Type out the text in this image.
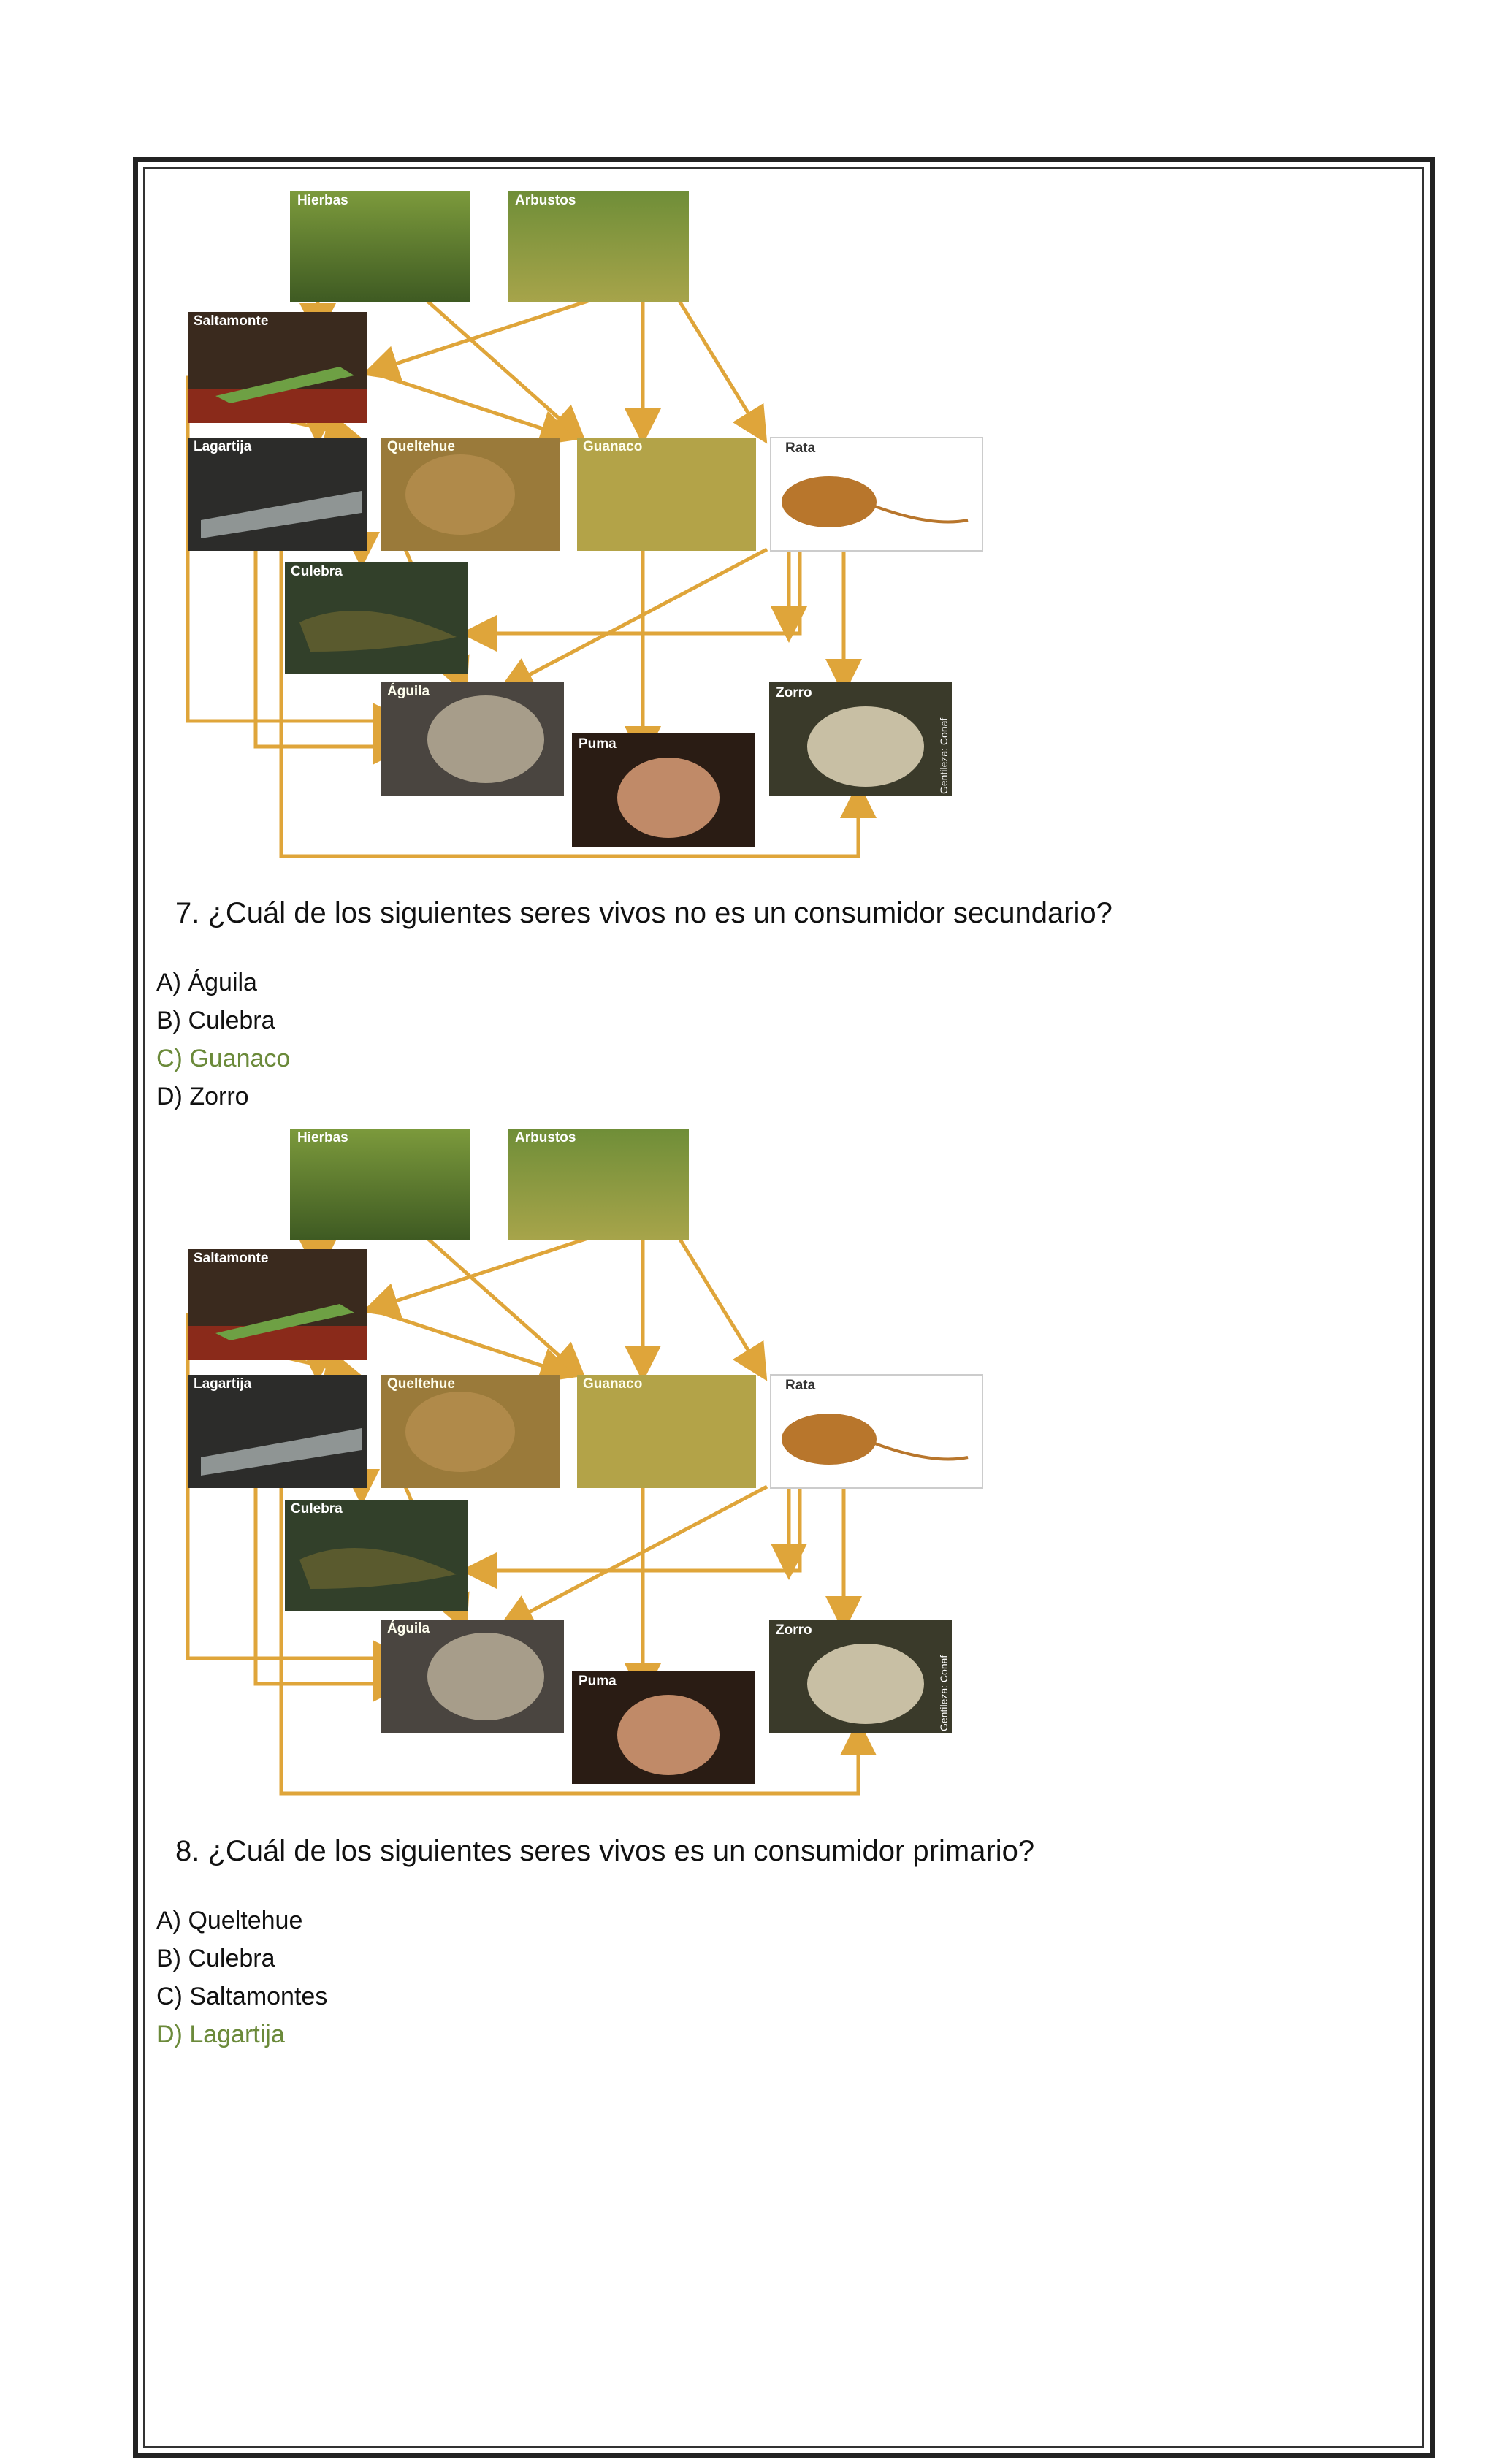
Hierbas	Arbustos
Saltamonte
Lagartija	Queltehue	Guanaco	Rata
Culebra
Águila
Puma
Zorro
Gentileza: Conaf
7. ¿Cuál de los siguientes seres vivos no es un consumidor secundario?
A) Águila
B) Culebra
C) Guanaco
D) Zorro
Hierbas	Arbustos
Saltamonte
Lagartija	Queltehue	Guanaco	Rata
Culebra
Águila
Puma
Zorro
Gentileza: Conaf
8. ¿Cuál de los siguientes seres vivos es un consumidor primario?
A) Queltehue
B) Culebra
C) Saltamontes
D) Lagartija
